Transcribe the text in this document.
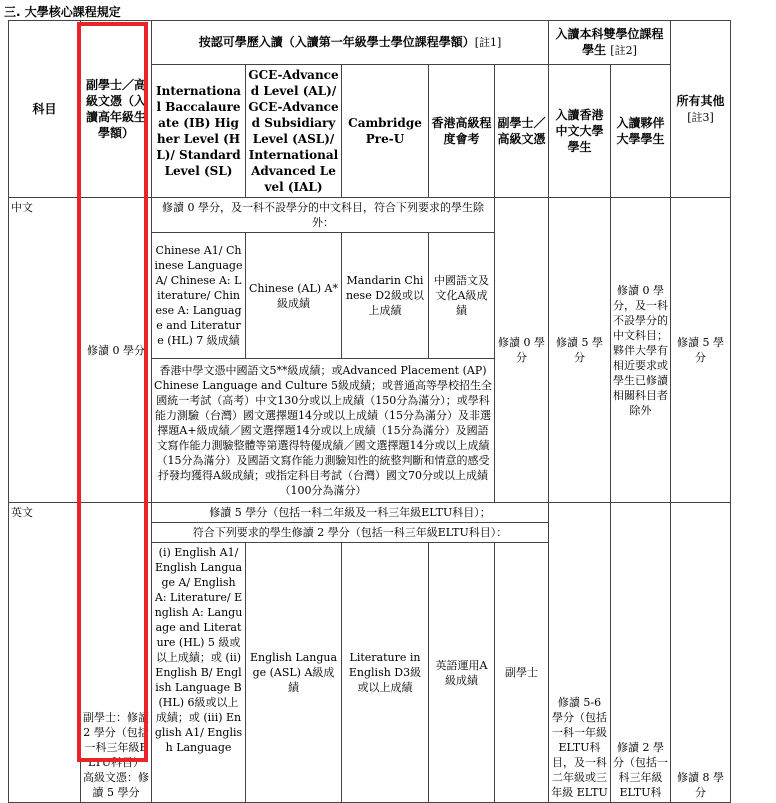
三. 大學核心課程規定
科目	副學士／高級文憑（入讀高年級生學額）	按認可學歷入讀（入讀第一年級學士學位課程學額）[註1]					入讀本科雙學位課程學生 [註2]		所有其他
[註3]
		International Baccalaureate (IB) Higher Level (HL)/ Standard Level (SL)	GCE-Advanced Level (AL)/ GCE-Advanced Subsidiary Level (ASL)/ International Advanced Level (IAL)	Cambridge Pre-U	香港高級程度會考	副學士／高級文憑	入讀香港中文大學學生	入讀夥伴大學學生	
中文	修讀 0 學分	修讀 0 學分，及一科不設學分的中文科目，符合下列要求的學生除外：				修讀 0 學分	修讀 5 學分	修讀 0 學分，及一科不設學分的中文科目；夥伴大學有相近要求或學生已修讀相關科目者除外	修讀 5 學分
		Chinese A1/ Chinese Language A/ Chinese A: Literature/ Chinese A: Language and Literature (HL) 7 級成績	Chinese (AL) A* 級成績	Mandarin Chinese D2級或以上成績	中國語文及文化A級成績				
		香港中學文憑中國語文5**級成績；或Advanced Placement (AP) Chinese Language and Culture 5級成績；或普通高等學校招生全國統一考試（高考）中文130分或以上成績（150分為滿分）；或學科能力測驗（台灣）國文選擇題14分或以上成績（15分為滿分）及非選擇題A+級成績／國文選擇題14分或以上成績（15分為滿分）及國語文寫作能力測驗整體等第選得特優成績／國文選擇題14分或以上成績（15分為滿分）及國語文寫作能力測驗知性的統整判斷和情意的感受抒發均獲得A級成績；或指定科目考試（台灣）國文70分或以上成績（100分為滿分）							
英文	副學士：修讀 2 學分（包括一科三年級ELTU科目）高級文憑：修讀 5 學分	修讀 5 學分（包括一科二年級及一科三年級ELTU科目）；					修讀 5-6 學分（包括一科一年級 ELTU科目，及一科二年級或三年級 ELTU	修讀 2 學分（包括一科三年級 ELTU科	修讀 8 學分
		符合下列要求的學生修讀 2 學分（包括一科三年級ELTU科目）：							
		(i) English A1/ English Language A/ English A: Literature/ English A: Language and Literature (HL) 5 級或以上成績；或 (ii) English B/ English Language B (HL) 6級或以上成績；或 (iii) English A1/ English Language	English Language (ASL) A級成績	Literature in English D3級或以上成績	英語運用A級成績	副學士			
